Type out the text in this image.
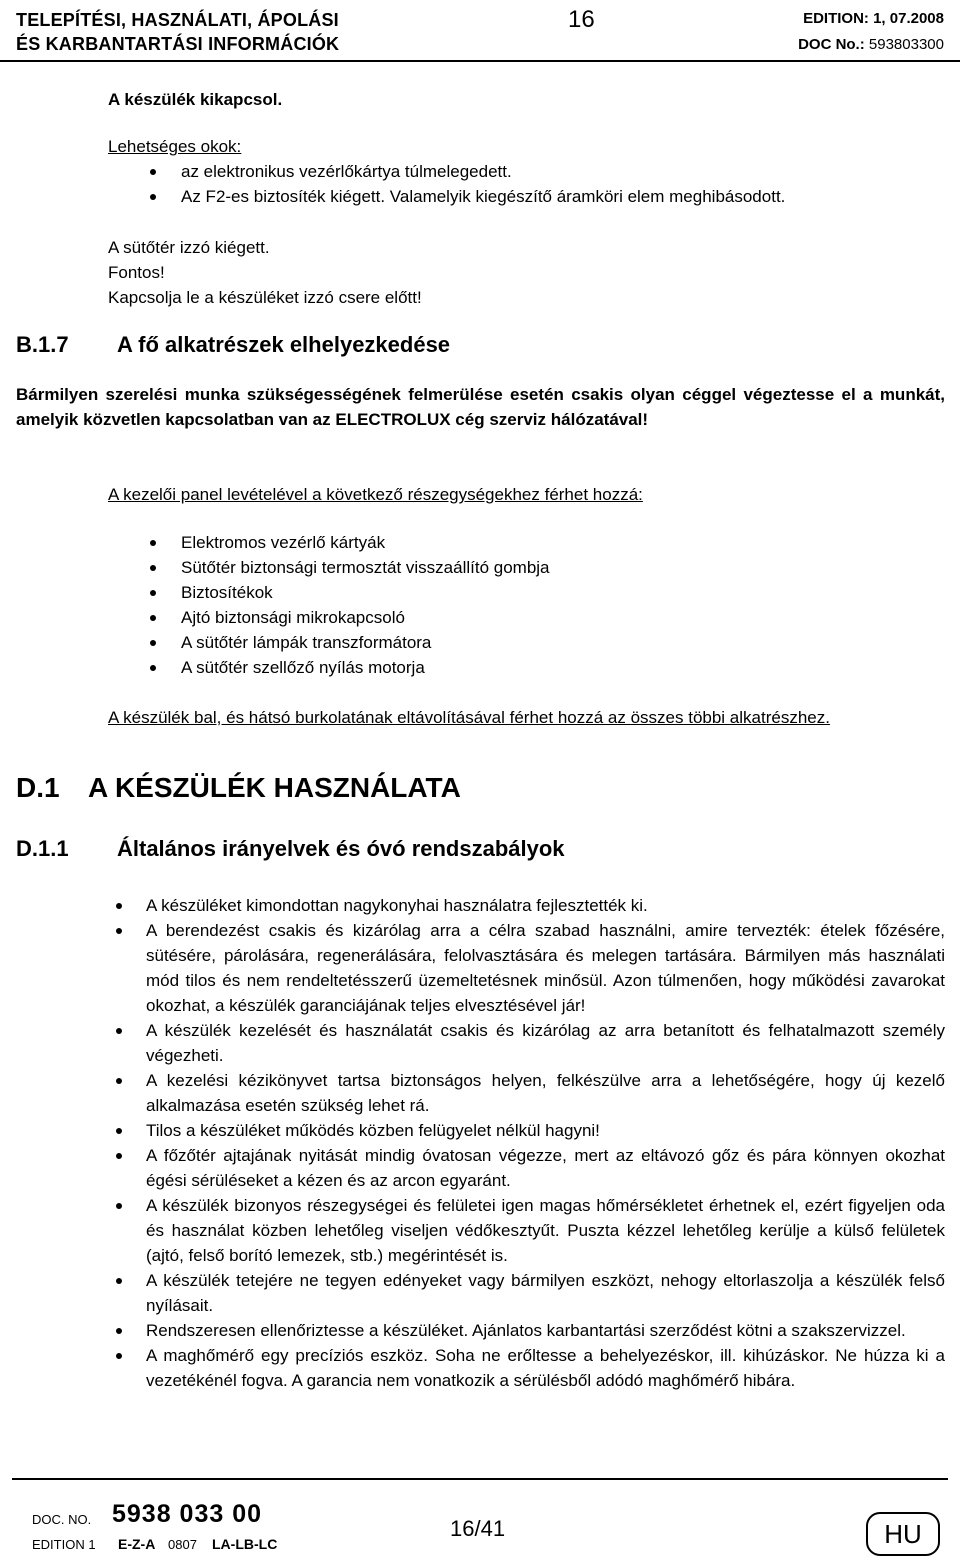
TELEPÍTÉSI, HASZNÁLATI, ÁPOLÁSI
ÉS KARBANTARTÁSI INFORMÁCIÓK
16	EDITION: 1, 07.2008
DOC No.: 593803300
A készülék kikapcsol.
Lehetséges okok:
az elektronikus vezérlőkártya túlmelegedett.
Az F2-es biztosíték kiégett. Valamelyik kiegészítő áramköri elem meghibásodott.
A sütőtér izzó kiégett.
Fontos!
Kapcsolja le a készüléket izzó csere előtt!
B.1.7 A fő alkatrészek elhelyezkedése
Bármilyen szerelési munka szükségességének felmerülése esetén csakis olyan céggel végeztesse el a munkát, amelyik közvetlen kapcsolatban van az ELECTROLUX cég szerviz hálózatával!
A kezelői panel levételével a következő részegységekhez férhet hozzá:
Elektromos vezérlő kártyák
Sütőtér biztonsági termosztát visszaállító gombja
Biztosítékok
Ajtó biztonsági mikrokapcsoló
A sütőtér lámpák transzformátora
A sütőtér szellőző nyílás motorja
A készülék bal, és hátsó burkolatának eltávolításával férhet hozzá az összes többi alkatrészhez.
D.1 A KÉSZÜLÉK HASZNÁLATA
D.1.1 Általános irányelvek és óvó rendszabályok
A készüléket kimondottan nagykonyhai használatra fejlesztették ki.
A berendezést csakis és kizárólag arra a célra szabad használni, amire tervezték: ételek főzésére, sütésére, párolására, regenerálására, felolvasztására és melegen tartására. Bármilyen más használati mód tilos és nem rendeltetésszerű üzemeltetésnek minősül. Azon túlmenően, hogy működési zavarokat okozhat, a készülék garanciájának teljes elvesztésével jár!
A készülék kezelését és használatát csakis és kizárólag az arra betanított és felhatalmazott személy végezheti.
A kezelési kézikönyvet tartsa biztonságos helyen, felkészülve arra a lehetőségére, hogy új kezelő alkalmazása esetén szükség lehet rá.
Tilos a készüléket működés közben felügyelet nélkül hagyni!
A főzőtér ajtajának nyitását mindig óvatosan végezze, mert az eltávozó gőz és pára könnyen okozhat égési sérüléseket a kézen és az arcon egyaránt.
A készülék bizonyos részegységei és felületei igen magas hőmérsékletet érhetnek el, ezért figyeljen oda és használat közben lehetőleg viseljen védőkesztyűt. Puszta kézzel lehetőleg kerülje a külső felületek (ajtó, felső borító lemezek, stb.) megérintését is.
A készülék tetejére ne tegyen edényeket vagy bármilyen eszközt, nehogy eltorlaszolja a készülék felső nyílásait.
Rendszeresen ellenőriztesse a készüléket. Ajánlatos karbantartási szerződést kötni a szakszervizzel.
A maghőmérő egy precíziós eszköz. Soha ne erőltesse a behelyezéskor, ill. kihúzáskor. Ne húzza ki a vezetékénél fogva. A garancia nem vonatkozik a sérülésből adódó maghőmérő hibára.
DOC. NO. 5938 033 00
EDITION 1 E-Z-A 0807 LA-LB-LC
16/41	HU
